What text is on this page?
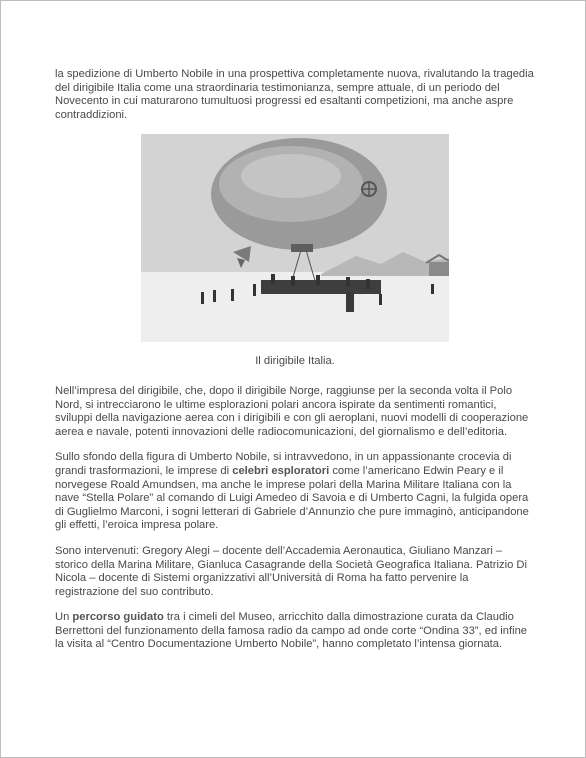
la spedizione di Umberto Nobile in una prospettiva completamente nuova, rivalutando la tragedia del dirigibile Italia come una straordinaria testimonianza, sempre attuale, di un periodo del Novecento in cui maturarono tumultuosi progressi ed esaltanti competizioni, ma anche aspre contraddizioni.

Il dirigibile Italia.

Nell’impresa del dirigibile, che, dopo il dirigibile Norge, raggiunse per la seconda volta il Polo Nord, si intrecciarono le ultime esplorazioni polari ancora ispirate da sentimenti romantici, sviluppi della navigazione aerea con i dirigibili e con gli aeroplani, nuovi modelli di cooperazione aerea e navale, potenti innovazioni delle radiocomunicazioni, del giornalismo e dell’editoria.

Sullo sfondo della figura di Umberto Nobile, si intravvedono, in un appassionante crocevia di grandi trasformazioni, le imprese di celebri esploratori come l’americano Edwin Peary e il norvegese Roald Amundsen, ma anche le imprese polari della Marina Militare Italiana con la nave “Stella Polare” al comando di Luigi Amedeo di Savoia e di Umberto Cagni, la fulgida opera di Guglielmo Marconi, i sogni letterari di Gabriele d’Annunzio che pure immaginò, anticipandone gli effetti, l’eroica impresa polare.

Sono intervenuti: Gregory Alegi – docente dell’Accademia Aeronautica, Giuliano Manzari – storico della Marina Militare, Gianluca Casagrande della Società Geografica Italiana. Patrizio Di Nicola – docente di Sistemi organizzativi all’Università di Roma ha fatto pervenire la registrazione del suo contributo.

Un percorso guidato tra i cimeli del Museo, arricchito dalla dimostrazione curata da Claudio Berrettoni del funzionamento della famosa radio da campo ad onde corte “Ondina 33”, ed infine la visita al “Centro Documentazione Umberto Nobile”, hanno completato l’intensa giornata.
